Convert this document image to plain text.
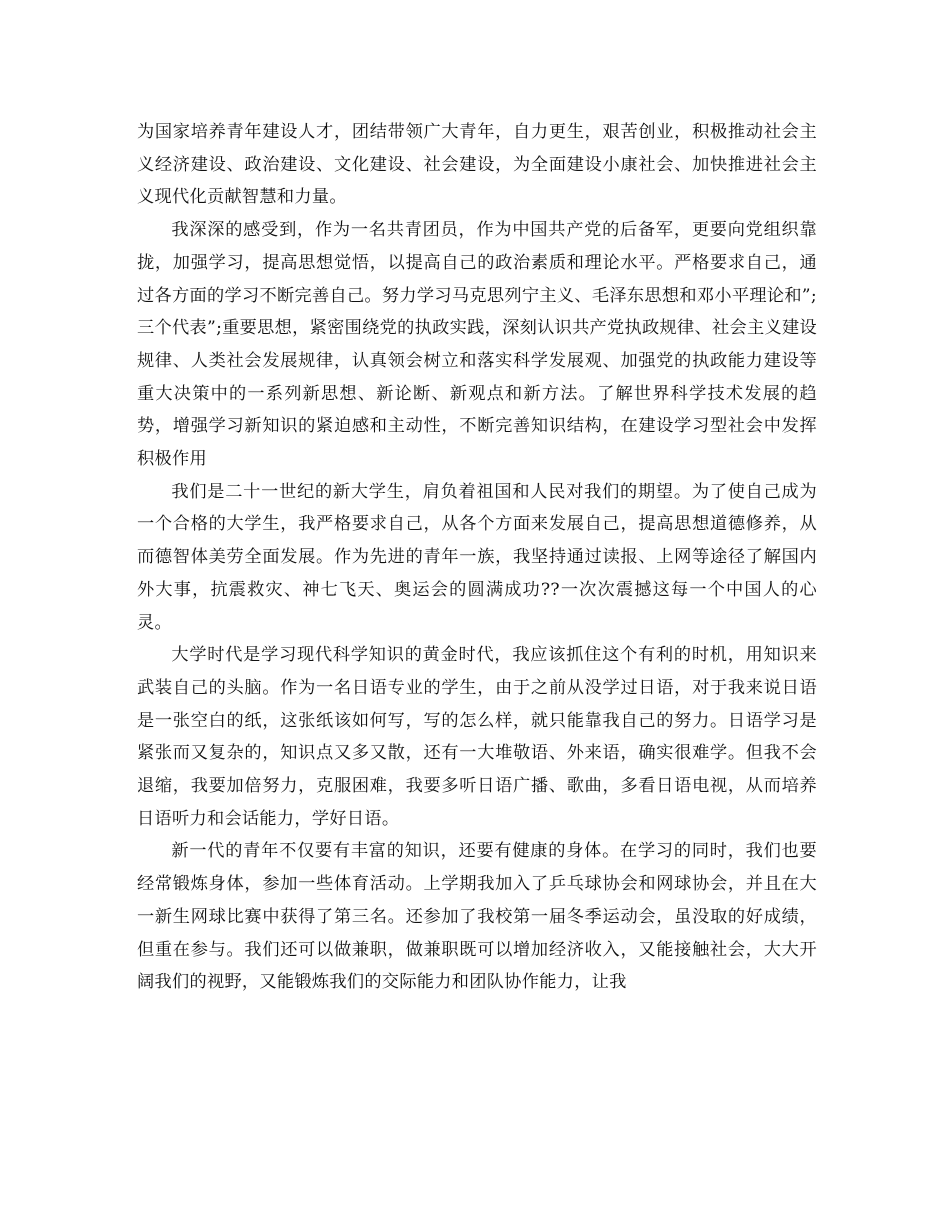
为国家培养青年建设人才，团结带领广大青年，自力更生，艰苦创业，积极推动社会主义经济建设、政治建设、文化建设、社会建设，为全面建设小康社会、加快推进社会主义现代化贡献智慧和力量。

我深深的感受到，作为一名共青团员，作为中国共产党的后备军，更要向党组织靠拢，加强学习，提高思想觉悟，以提高自己的政治素质和理论水平。严格要求自己，通过各方面的学习不断完善自己。努力学习马克思列宁主义、毛泽东思想和邓小平理论和”;三个代表”;重要思想，紧密围绕党的执政实践，深刻认识共产党执政规律、社会主义建设规律、人类社会发展规律，认真领会树立和落实科学发展观、加强党的执政能力建设等重大决策中的一系列新思想、新论断、新观点和新方法。了解世界科学技术发展的趋势，增强学习新知识的紧迫感和主动性，不断完善知识结构，在建设学习型社会中发挥积极作用

我们是二十一世纪的新大学生，肩负着祖国和人民对我们的期望。为了使自己成为一个合格的大学生，我严格要求自己，从各个方面来发展自己，提高思想道德修养，从而德智体美劳全面发展。作为先进的青年一族，我坚持通过读报、上网等途径了解国内外大事，抗震救灾、神七飞天、奥运会的圆满成功??一次次震撼这每一个中国人的心灵。

大学时代是学习现代科学知识的黄金时代，我应该抓住这个有利的时机，用知识来武装自己的头脑。作为一名日语专业的学生，由于之前从没学过日语，对于我来说日语是一张空白的纸，这张纸该如何写，写的怎么样，就只能靠我自己的努力。日语学习是紧张而又复杂的，知识点又多又散，还有一大堆敬语、外来语，确实很难学。但我不会退缩，我要加倍努力，克服困难，我要多听日语广播、歌曲，多看日语电视，从而培养日语听力和会话能力，学好日语。

新一代的青年不仅要有丰富的知识，还要有健康的身体。在学习的同时，我们也要经常锻炼身体，参加一些体育活动。上学期我加入了乒乓球协会和网球协会，并且在大一新生网球比赛中获得了第三名。还参加了我校第一届冬季运动会，虽没取的好成绩，但重在参与。我们还可以做兼职，做兼职既可以增加经济收入，又能接触社会，大大开阔我们的视野，又能锻炼我们的交际能力和团队协作能力，让我
